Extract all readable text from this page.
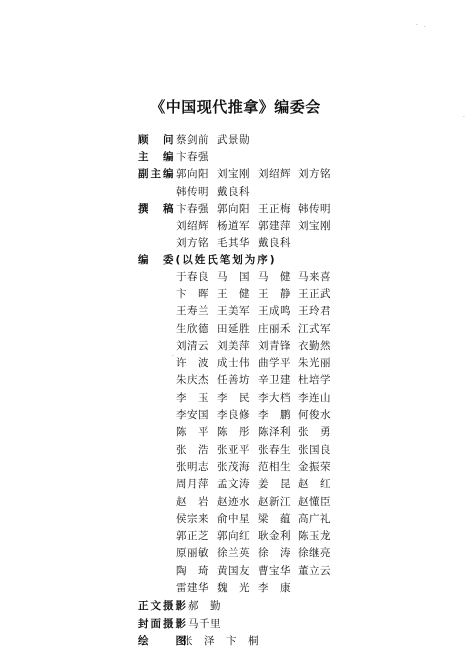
《中国现代推拿》编委会
顾　问 蔡剑前 武景勋
主　编 卞春强
副主编 郭向阳 刘宝刚 刘绍辉 刘方铭
韩传明 戴良科
撰　稿 卞春强 郭向阳 王正梅 韩传明
刘绍辉 杨道军 郭建萍 刘宝刚
刘方铭 毛其华 戴良科
编　委(以姓氏笔划为序)
于春良 马　国 马　健 马来喜
卞　晖 王　健 王　静 王正武
王寿兰 王美军 王成鸣 王玲君
生欣德 田延胜 庄丽禾 江式军
刘清云 刘美萍 刘青锋 衣勤然
许　波 成士伟 曲学平 朱光丽
朱庆杰 任善坊 辛卫建 杜培学
李　玉 李　民 李大档 李连山
李安国 李良修 李　鹏 何俊水
陈　平 陈　彤 陈泽利 张　勇
张　浩 张亚平 张春生 张国良
张明志 张茂海 范相生 金振荣
周月萍 孟文涛 姜　昆 赵　红
赵　岩 赵迹水 赵新江 赵懂臣
侯宗来 俞中星 梁　蕴 高广礼
郭正芝 郭向红 耿金利 陈玉龙
原丽敏 徐兰英 徐　涛 徐继亮
陶　琦 黄国友 曹宝华 董立云
雷建华 魏　光 李　康
正文摄影 郝　勤
封面摄影 马千里
绘　　图
张　泽　卞　桐
·　.
.
·
